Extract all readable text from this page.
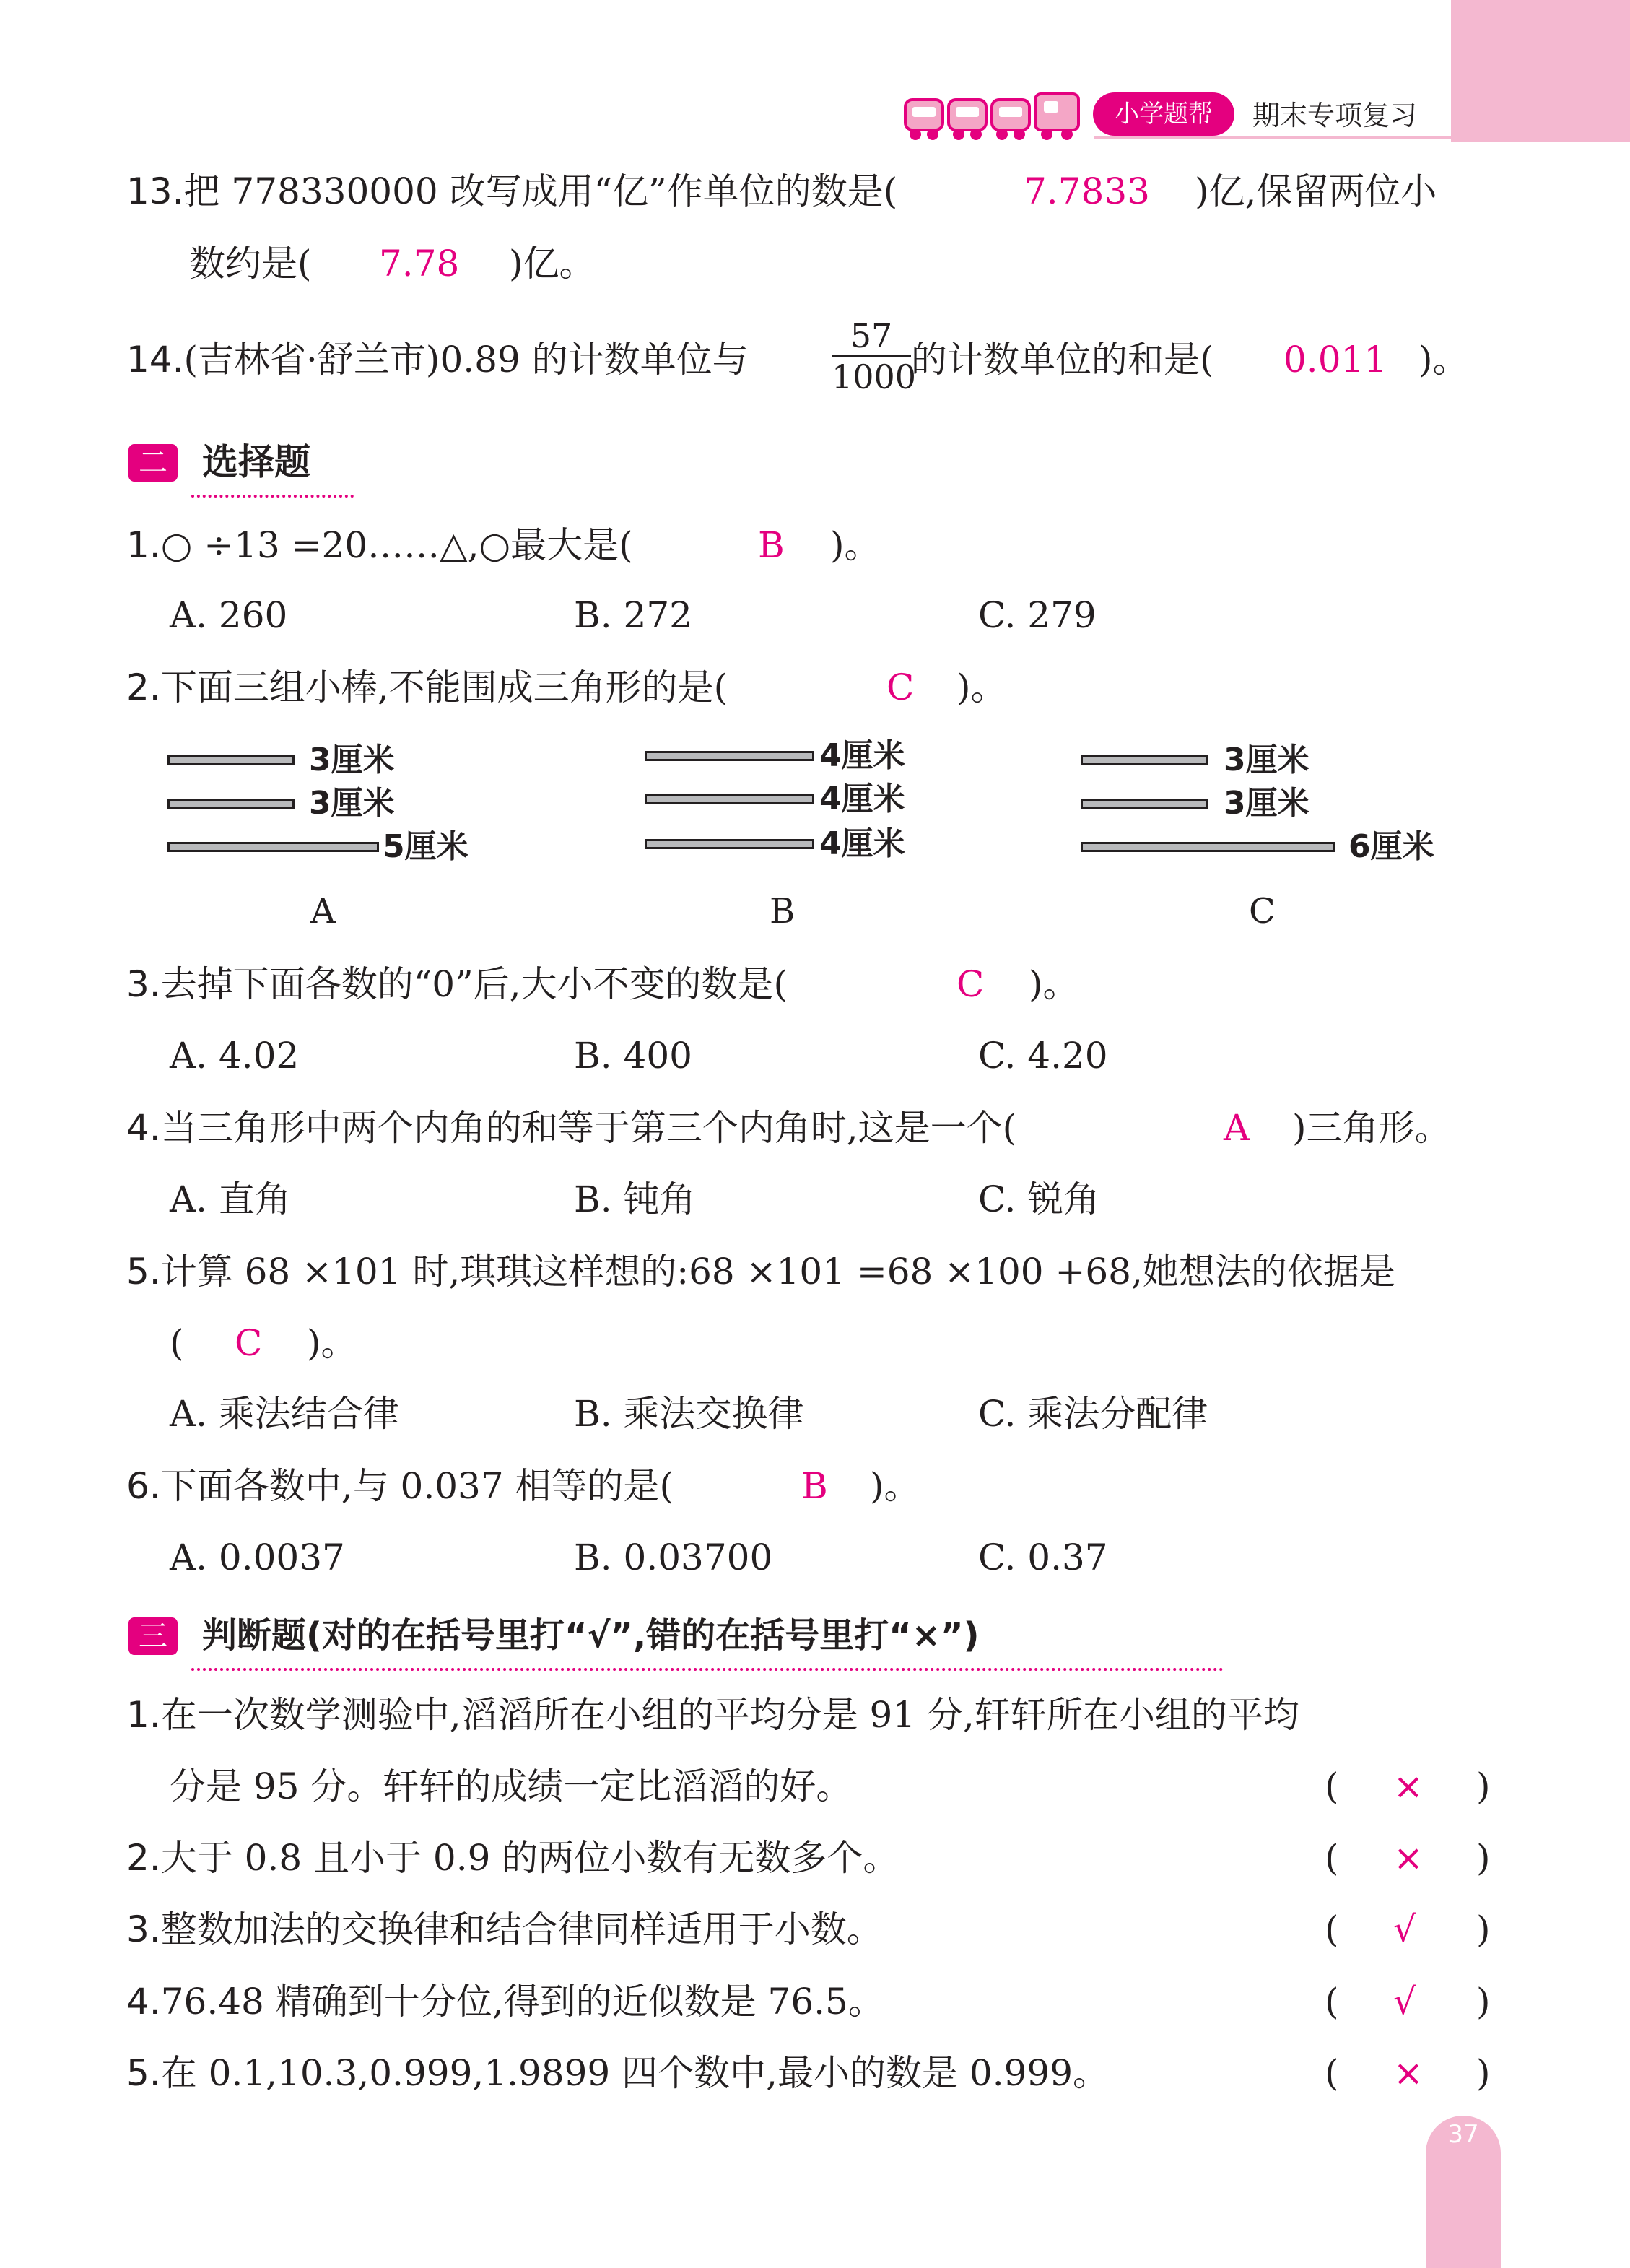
小学题帮	期末专项复习
13.把 778330000 改写成用“亿”作单位的数是(	7.7833 )亿,保留两位小
数约是( 7.78 )亿。
14.(吉林省·舒兰市)0.89 的计数单位与
57
1000
的计数单位的和是( 0.011 )。
二 选择题
1.○ ÷13 =20……△,○最大是(	B )。
A. 260	B. 272	C. 279
2.下面三组小棒,不能围成三角形的是(	C )。
3厘米
3厘米
5厘米
A
4厘米
4厘米
4厘米
B
3厘米
3厘米
6厘米
C
3.去掉下面各数的“0”后,大小不变的数是(	C )。
A. 4.02	B. 400	C. 4.20
4.当三角形中两个内角的和等于第三个内角时,这是一个(	A )三角形。
A. 直角	B. 钝角	C. 锐角
5.计算 68 ×101 时,琪琪这样想的:68 ×101 =68 ×100 +68,她想法的依据是
( C )。
A. 乘法结合律	B. 乘法交换律	C. 乘法分配律
6.下面各数中,与 0.037 相等的是(	B )。
A. 0.0037	B. 0.03700	C. 0.37
三 判断题(对的在括号里打“√”,错的在括号里打“×”)
1.在一次数学测验中,滔滔所在小组的平均分是 91 分,轩轩所在小组的平均
分是 95 分。轩轩的成绩一定比滔滔的好。	( × )
2.大于 0.8 且小于 0.9 的两位小数有无数多个。	( × )
3.整数加法的交换律和结合律同样适用于小数。	( √ )
4.76.48 精确到十分位,得到的近似数是 76.5。	( √ )
5.在 0.1,10.3,0.999,1.9899 四个数中,最小的数是 0.999。	( × )
37
